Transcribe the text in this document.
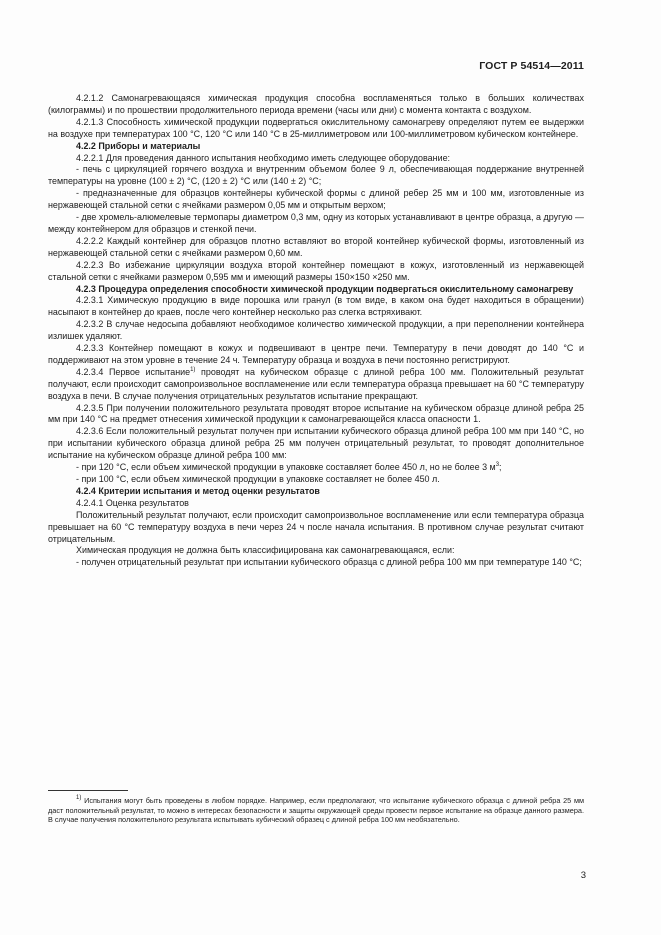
ГОСТ Р 54514—2011

4.2.1.2 Самонагревающаяся химическая продукция способна воспламеняться только в больших количествах (килограммы) и по прошествии продолжительного периода времени (часы или дни) с момента контакта с воздухом.

4.2.1.3 Способность химической продукции подвергаться окислительному самонагреву определяют путем ее выдержки на воздухе при температурах 100 °С, 120 °С или 140 °С в 25-миллиметровом или 100-миллиметровом кубическом контейнере.

4.2.2 Приборы и материалы

4.2.2.1 Для проведения данного испытания необходимо иметь следующее оборудование:

- печь с циркуляцией горячего воздуха и внутренним объемом более 9 л, обеспечивающая поддержание внутренней температуры на уровне (100 ± 2) °С, (120 ± 2) °С или (140 ± 2) °С;

- предназначенные для образцов контейнеры кубической формы с длиной ребер 25 мм и 100 мм, изготовленные из нержавеющей стальной сетки с ячейками размером 0,05 мм и открытым верхом;

- две хромель-алюмелевые термопары диаметром 0,3 мм, одну из которых устанавливают в центре образца, а другую — между контейнером для образцов и стенкой печи.

4.2.2.2 Каждый контейнер для образцов плотно вставляют во второй контейнер кубической формы, изготовленный из нержавеющей стальной сетки с ячейками размером 0,60 мм.

4.2.2.3 Во избежание циркуляции воздуха второй контейнер помещают в кожух, изготовленный из нержавеющей стальной сетки с ячейками размером 0,595 мм и имеющий размеры 150×150 ×250 мм.

4.2.3 Процедура определения способности химической продукции подвергаться окислительному самонагреву

4.2.3.1 Химическую продукцию в виде порошка или гранул (в том виде, в каком она будет находиться в обращении) насыпают в контейнер до краев, после чего контейнер несколько раз слегка встряхивают.

4.2.3.2 В случае недосыпа добавляют необходимое количество химической продукции, а при переполнении контейнера излишек удаляют.

4.2.3.3 Контейнер помещают в кожух и подвешивают в центре печи. Температуру в печи доводят до 140 °С и поддерживают на этом уровне в течение 24 ч. Температуру образца и воздуха в печи постоянно регистрируют.

4.2.3.4 Первое испытание$^{1)}$ проводят на кубическом образце с длиной ребра 100 мм. Положительный результат получают, если происходит самопроизвольное воспламенение или если температура образца превышает на 60 °С температуру воздуха в печи. В случае получения отрицательных результатов испытание прекращают.

4.2.3.5 При получении положительного результата проводят второе испытание на кубическом образце длиной ребра 25 мм при 140 °С на предмет отнесения химической продукции к самонагревающейся класса опасности 1.

4.2.3.6 Если положительный результат получен при испытании кубического образца длиной ребра 100 мм при 140 °С, но при испытании кубического образца длиной ребра 25 мм получен отрицательный результат, то проводят дополнительное испытание на кубическом образце длиной ребра 100 мм:

- при 120 °С, если объем химической продукции в упаковке составляет более 450 л, но не более 3 $м^3$;

- при 100 °С, если объем химической продукции в упаковке составляет не более 450 л.

4.2.4 Критерии испытания и метод оценки результатов

4.2.4.1 Оценка результатов

Положительный результат получают, если происходит самопроизвольное воспламенение или если температура образца превышает на 60 °С температуру воздуха в печи через 24 ч после начала испытания. В противном случае результат считают отрицательным.

Химическая продукция не должна быть классифицирована как самонагревающаяся, если:

- получен отрицательный результат при испытании кубического образца с длиной ребра 100 мм при температуре 140 °С;

$^{1)}$ Испытания могут быть проведены в любом порядке. Например, если предполагают, что испытание кубического образца с длиной ребра 25 мм даст положительный результат, то можно в интересах безопасности и защиты окружающей среды провести первое испытание на образце данного размера. В случае получения положительного результата испытывать кубический образец с длиной ребра 100 мм необязательно.

3
